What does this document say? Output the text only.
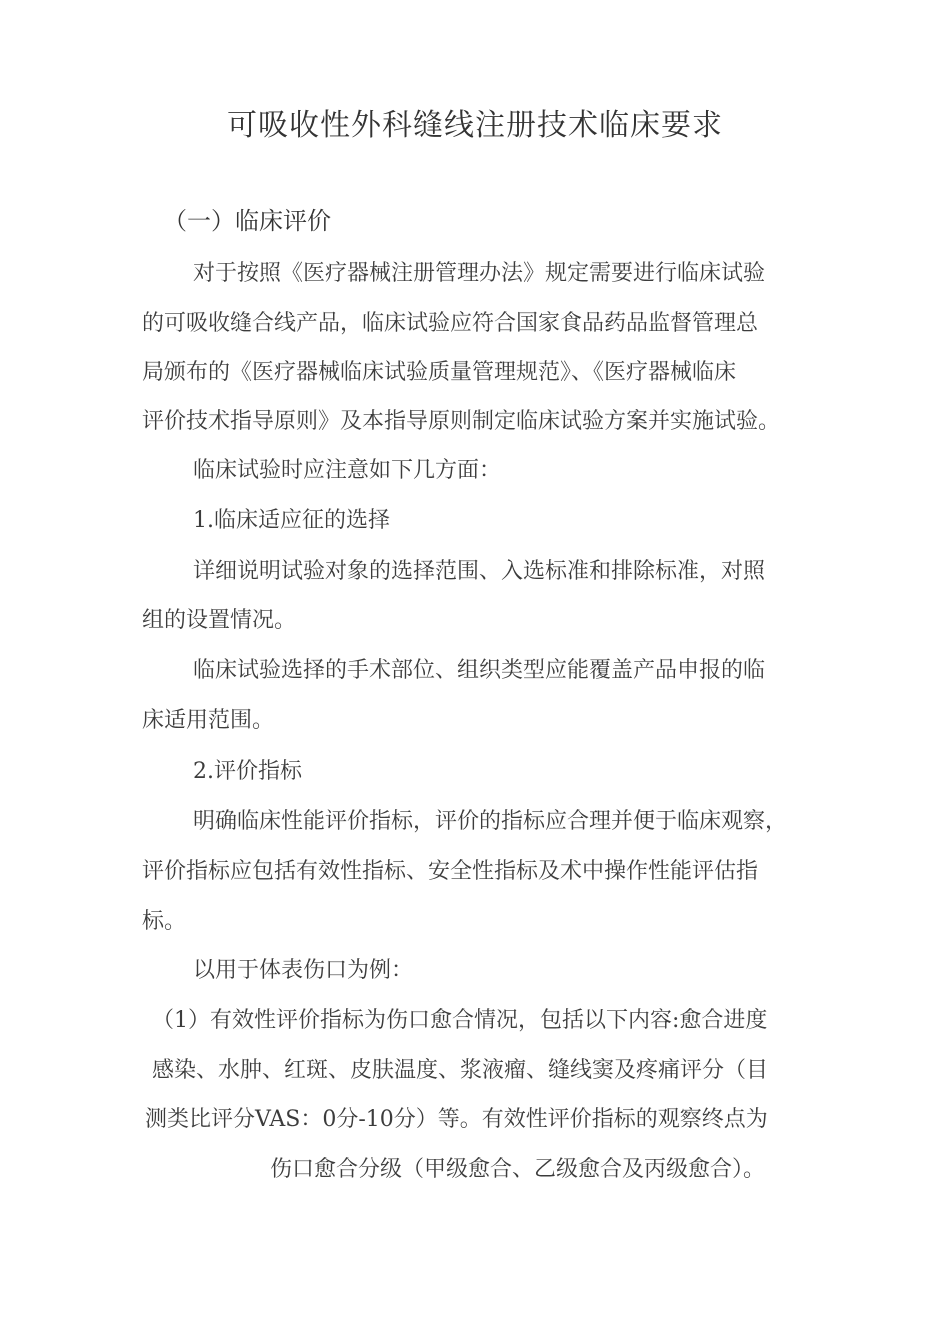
可吸收性外科缝线注册技术临床要求
（一）临床评价

对于按照《医疗器械注册管理办法》规定需要进行临床试验

的可吸收缝合线产品，临床试验应符合国家食品药品监督管理总

局颁布的《医疗器械临床试验质量管理规范》、《医疗器械临床

评价技术指导原则》及本指导原则制定临床试验方案并实施试验。

临床试验时应注意如下几方面：

1.临床适应征的选择

详细说明试验对象的选择范围、入选标准和排除标准，对照

组的设置情况。

临床试验选择的手术部位、组织类型应能覆盖产品申报的临

床适用范围。

2.评价指标

明确临床性能评价指标，评价的指标应合理并便于临床观察，

评价指标应包括有效性指标、安全性指标及术中操作性能评估指

标。

以用于体表伤口为例：

（1）有效性评价指标为伤口愈合情况，包括以下内容:愈合进度

感染、水肿、红斑、皮肤温度、浆液瘤、缝线窦及疼痛评分（目

测类比评分VAS：0分-10分）等。有效性评价指标的观察终点为

伤口愈合分级（甲级愈合、乙级愈合及丙级愈合）。
